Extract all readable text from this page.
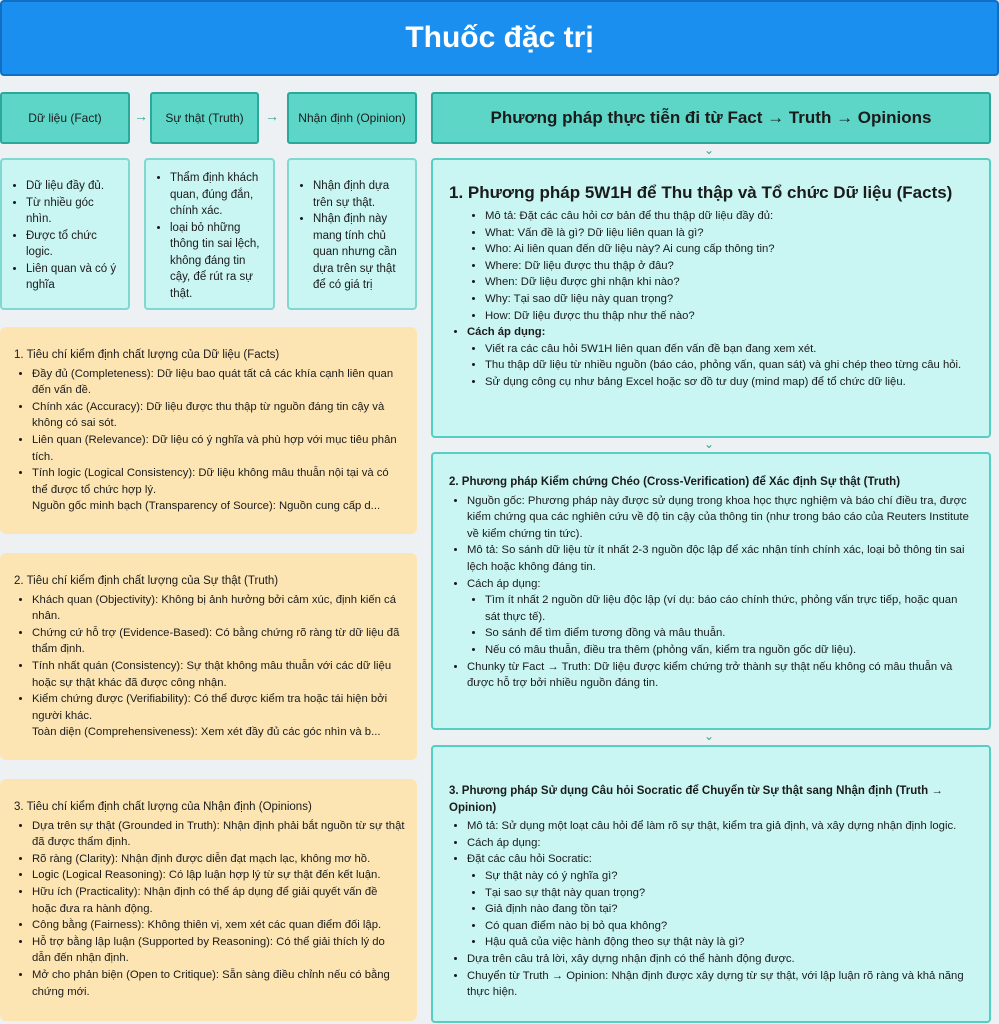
Thuốc đặc trị
Dữ liệu (Fact) → Sự thật (Truth) → Nhận định (Opinion)
• Dữ liệu đầy đủ.
• Từ nhiều góc nhìn.
• Được tổ chức logic.
• Liên quan và có ý nghĩa
• Thẩm định khách quan, đúng đắn, chính xác.
• loại bỏ những thông tin sai lệch, không đáng tin cậy, để rút ra sự thật.
• Nhận định dựa trên sự thật.
• Nhận định này mang tính chủ quan nhưng cần dựa trên sự thật để có giá trị
1. Tiêu chí kiểm định chất lượng của Dữ liệu (Facts)
• Đầy đủ (Completeness): Dữ liệu bao quát tất cả các khía cạnh liên quan đến vấn đề.
• Chính xác (Accuracy): Dữ liệu được thu thập từ nguồn đáng tin cậy và không có sai sót.
• Liên quan (Relevance): Dữ liệu có ý nghĩa và phù hợp với mục tiêu phân tích.
• Tính logic (Logical Consistency): Dữ liệu không mâu thuẫn nội tại và có thể được tổ chức hợp lý.
• Nguồn gốc minh bạch (Transparency of Source): Nguồn cung cấp d...
2. Tiêu chí kiểm định chất lượng của Sự thật (Truth)
• Khách quan (Objectivity): Không bị ảnh hưởng bởi cảm xúc, định kiến cá nhân.
• Chứng cứ hỗ trợ (Evidence-Based): Có bằng chứng rõ ràng từ dữ liệu đã thẩm định.
• Tính nhất quán (Consistency): Sự thật không mâu thuẫn với các dữ liệu hoặc sự thật khác đã được công nhận.
• Kiểm chứng được (Verifiability): Có thể được kiểm tra hoặc tái hiện bởi người khác.
• Toàn diện (Comprehensiveness): Xem xét đầy đủ các góc nhìn và b...
3. Tiêu chí kiểm định chất lượng của Nhận định (Opinions)
• Dựa trên sự thật (Grounded in Truth): Nhận định phải bắt nguồn từ sự thật đã được thẩm định.
• Rõ ràng (Clarity): Nhận định được diễn đạt mạch lạc, không mơ hồ.
• Logic (Logical Reasoning): Có lập luận hợp lý từ sự thật đến kết luận.
• Hữu ích (Practicality): Nhận định có thể áp dụng để giải quyết vấn đề hoặc đưa ra hành động.
• Công bằng (Fairness): Không thiên vị, xem xét các quan điểm đối lập.
• Hỗ trợ bằng lập luận (Supported by Reasoning): Có thể giải thích lý do dẫn đến nhận định.
• Mở cho phản biện (Open to Critique): Sẵn sàng điều chỉnh nếu có bằng chứng mới.
Phương pháp thực tiễn đi từ Fact → Truth → Opinions
⌄
1. Phương pháp 5W1H để Thu thập và Tổ chức Dữ liệu (Facts)
• Mô tả: Đặt các câu hỏi cơ bản để thu thập dữ liệu đầy đủ:
• What: Vấn đề là gì? Dữ liệu liên quan là gì?
• Who: Ai liên quan đến dữ liệu này? Ai cung cấp thông tin?
• Where: Dữ liệu được thu thập ở đâu?
• When: Dữ liệu được ghi nhận khi nào?
• Why: Tại sao dữ liệu này quan trọng?
• How: Dữ liệu được thu thập như thế nào?
• Cách áp dụng:
• Viết ra các câu hỏi 5W1H liên quan đến vấn đề bạn đang xem xét.
• Thu thập dữ liệu từ nhiều nguồn (báo cáo, phỏng vấn, quan sát) và ghi chép theo từng câu hỏi.
• Sử dụng công cụ như bảng Excel hoặc sơ đồ tư duy (mind map) để tổ chức dữ liệu.
⌄
2. Phương pháp Kiểm chứng Chéo (Cross-Verification) để Xác định Sự thật (Truth)
• Nguồn gốc: Phương pháp này được sử dụng trong khoa học thực nghiệm và báo chí điều tra, được kiểm chứng qua các nghiên cứu về độ tin cậy của thông tin (như trong báo cáo của Reuters Institute về kiểm chứng tin tức).
• Mô tả: So sánh dữ liệu từ ít nhất 2-3 nguồn độc lập để xác nhận tính chính xác, loại bỏ thông tin sai lệch hoặc không đáng tin.
• Cách áp dụng:
• Tìm ít nhất 2 nguồn dữ liệu độc lập (ví dụ: báo cáo chính thức, phỏng vấn trực tiếp, hoặc quan sát thực tế).
• So sánh để tìm điểm tương đồng và mâu thuẫn.
• Nếu có mâu thuẫn, điều tra thêm (phỏng vấn, kiểm tra nguồn gốc dữ liệu).
• Chunky từ Fact → Truth: Dữ liệu được kiểm chứng trở thành sự thật nếu không có mâu thuẫn và được hỗ trợ bởi nhiều nguồn đáng tin.
⌄
3. Phương pháp Sử dụng Câu hỏi Socratic để Chuyển từ Sự thật sang Nhận định (Truth → Opinion)
• Mô tả: Sử dụng một loạt câu hỏi để làm rõ sự thật, kiểm tra giả định, và xây dựng nhận định logic.
• Cách áp dụng:
• Đặt các câu hỏi Socratic:
• Sự thật này có ý nghĩa gì?
• Tại sao sự thật này quan trọng?
• Giả định nào đang tồn tại?
• Có quan điểm nào bị bỏ qua không?
• Hậu quả của việc hành động theo sự thật này là gì?
• Dựa trên câu trả lời, xây dựng nhận định có thể hành động được.
• Chuyển từ Truth → Opinion: Nhận định được xây dựng từ sự thật, với lập luận rõ ràng và khả năng thực hiện.
